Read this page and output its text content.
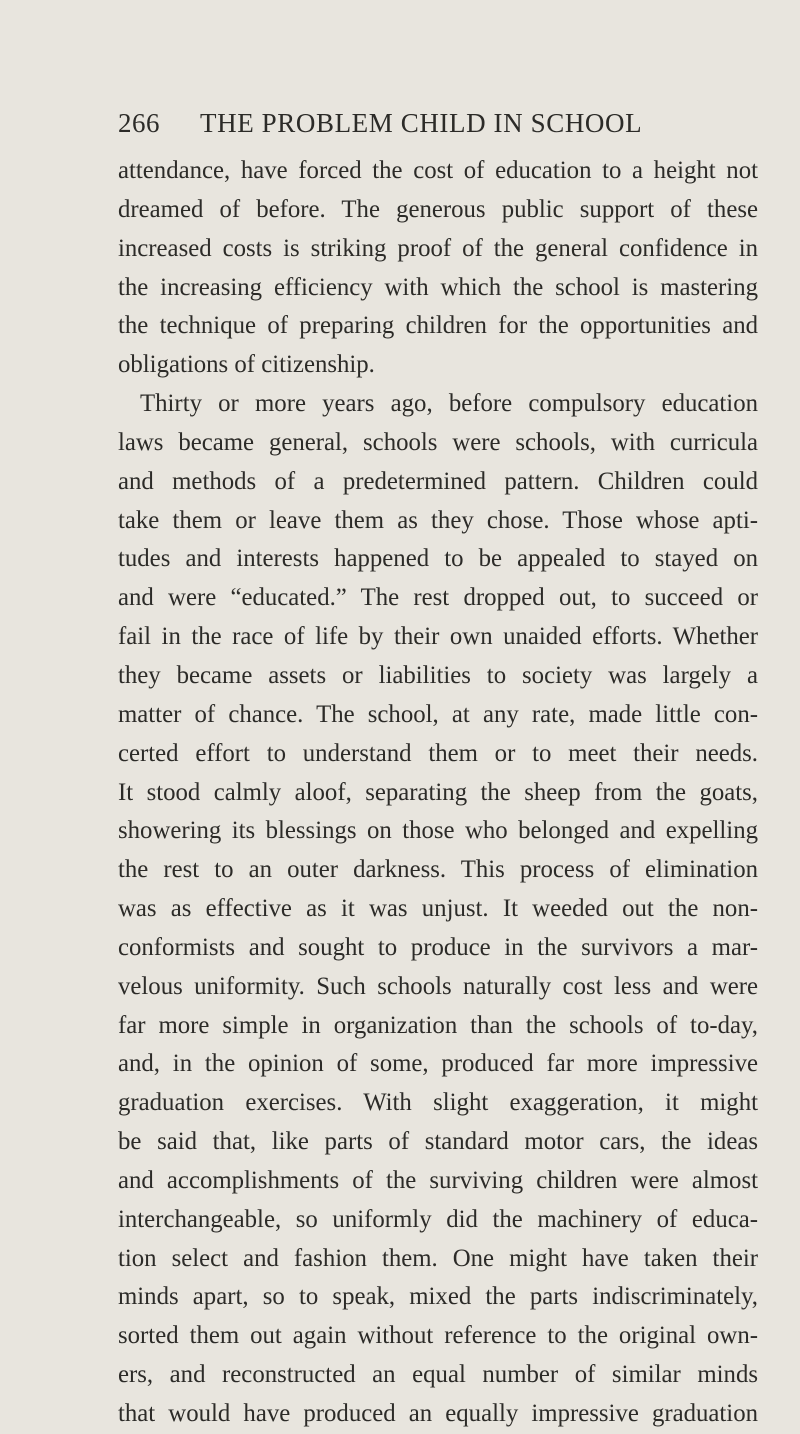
266	THE PROBLEM CHILD IN SCHOOL
attendance, have forced the cost of education to a height not
dreamed of before. The generous public support of these
increased costs is striking proof of the general confidence in
the increasing efficiency with which the school is mastering
the technique of preparing children for the opportunities and
obligations of citizenship.
Thirty or more years ago, before compulsory education
laws became general, schools were schools, with curricula
and methods of a predetermined pattern. Children could
take them or leave them as they chose. Those whose apti-
tudes and interests happened to be appealed to stayed on
and were “educated.” The rest dropped out, to succeed or
fail in the race of life by their own unaided efforts. Whether
they became assets or liabilities to society was largely a
matter of chance. The school, at any rate, made little con-
certed effort to understand them or to meet their needs.
It stood calmly aloof, separating the sheep from the goats,
showering its blessings on those who belonged and expelling
the rest to an outer darkness. This process of elimination
was as effective as it was unjust. It weeded out the non-
conformists and sought to produce in the survivors a mar-
velous uniformity. Such schools naturally cost less and were
far more simple in organization than the schools of to-day,
and, in the opinion of some, produced far more impressive
graduation exercises. With slight exaggeration, it might
be said that, like parts of standard motor cars, the ideas
and accomplishments of the surviving children were almost
interchangeable, so uniformly did the machinery of educa-
tion select and fashion them. One might have taken their
minds apart, so to speak, mixed the parts indiscriminately,
sorted them out again without reference to the original own-
ers, and reconstructed an equal number of similar minds
that would have produced an equally impressive graduation
